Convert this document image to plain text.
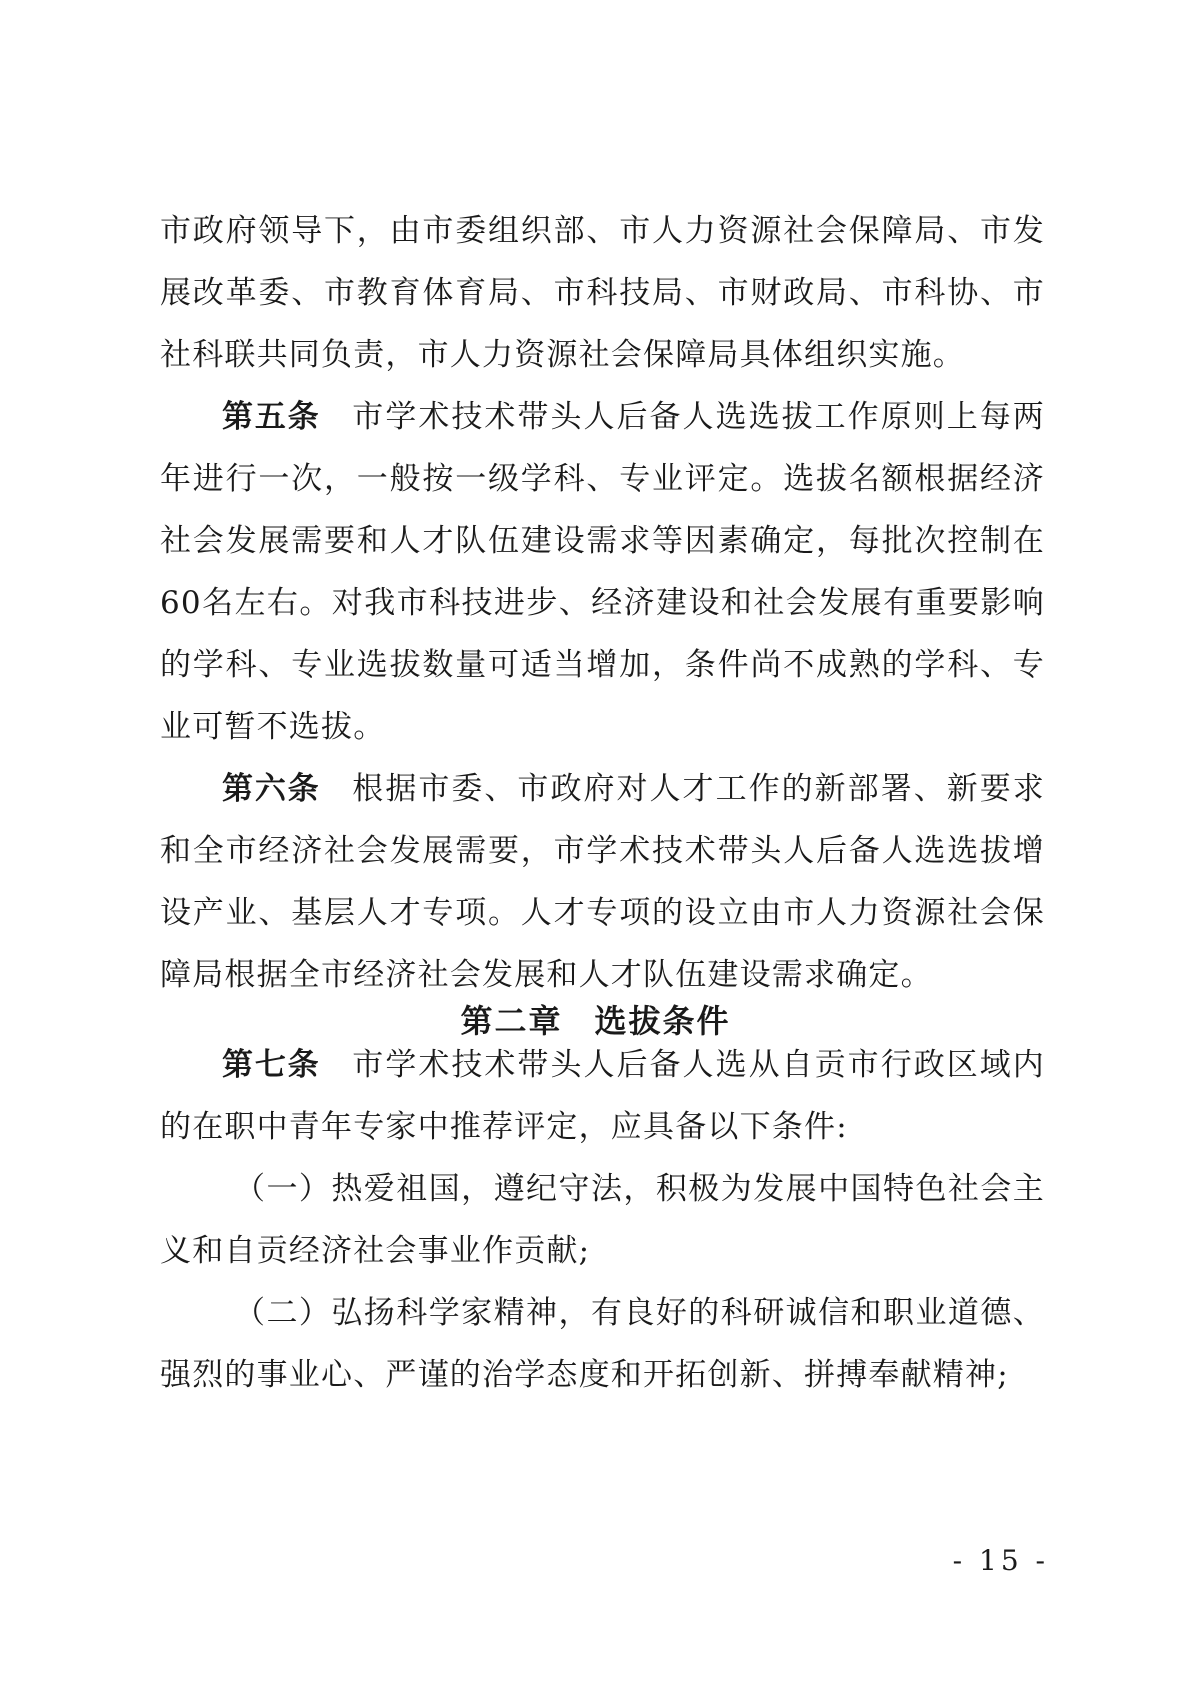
市政府领导下，由市委组织部、市人力资源社会保障局、市发展改革委、市教育体育局、市科技局、市财政局、市科协、市社科联共同负责，市人力资源社会保障局具体组织实施。

第五条 市学术技术带头人后备人选选拔工作原则上每两年进行一次，一般按一级学科、专业评定。选拔名额根据经济社会发展需要和人才队伍建设需求等因素确定，每批次控制在60名左右。对我市科技进步、经济建设和社会发展有重要影响的学科、专业选拔数量可适当增加，条件尚不成熟的学科、专业可暂不选拔。

第六条 根据市委、市政府对人才工作的新部署、新要求和全市经济社会发展需要，市学术技术带头人后备人选选拔增设产业、基层人才专项。人才专项的设立由市人力资源社会保障局根据全市经济社会发展和人才队伍建设需求确定。

第二章 选拔条件

第七条 市学术技术带头人后备人选从自贡市行政区域内的在职中青年专家中推荐评定，应具备以下条件:

（一）热爱祖国，遵纪守法，积极为发展中国特色社会主义和自贡经济社会事业作贡献;

（二）弘扬科学家精神，有良好的科研诚信和职业道德、强烈的事业心、严谨的治学态度和开拓创新、拼搏奉献精神;

- 15 -
